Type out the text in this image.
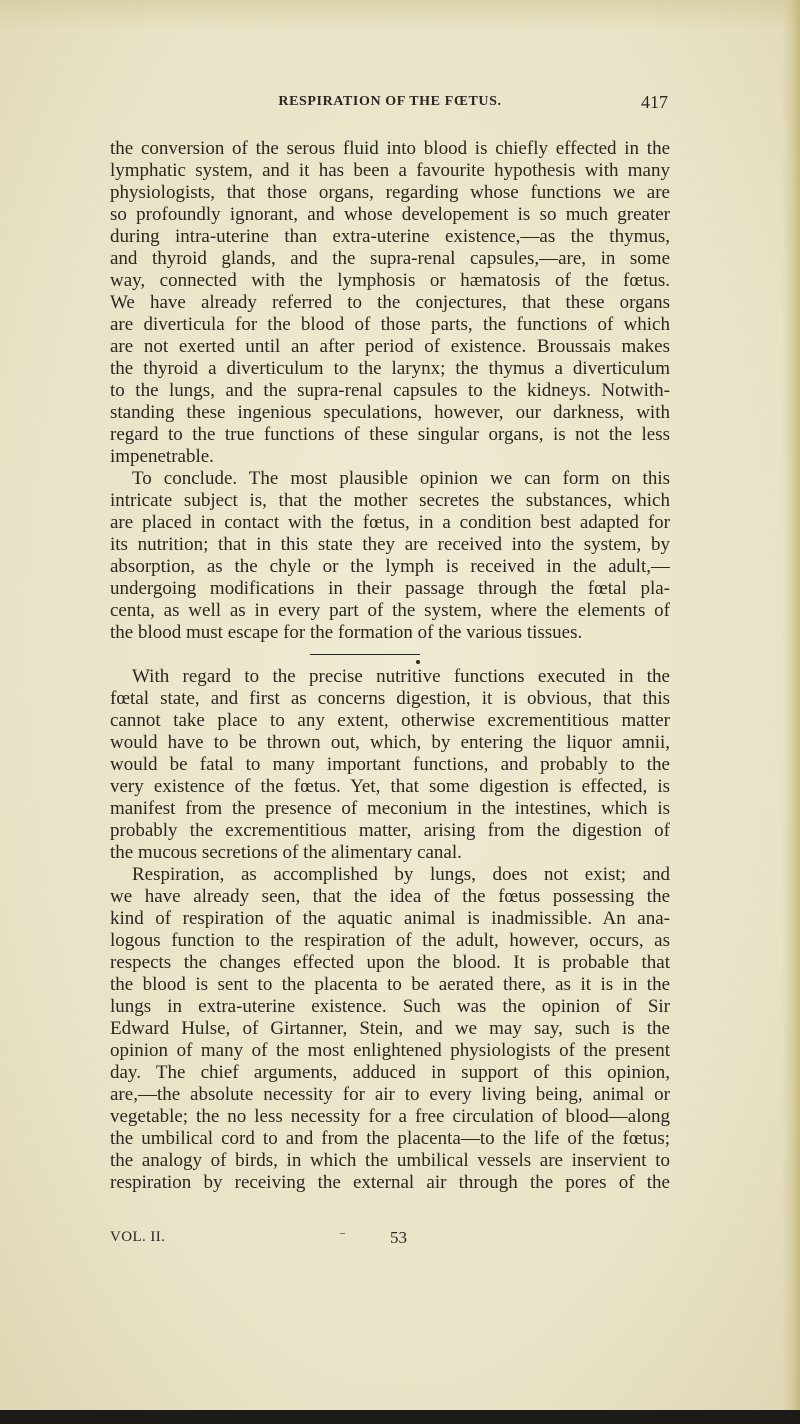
RESPIRATION OF THE FŒTUS.	417
the conversion of the serous fluid into blood is chiefly effected in the
lymphatic system, and it has been a favourite hypothesis with many
physiologists, that those organs, regarding whose functions we are
so profoundly ignorant, and whose developement is so much greater
during intra-uterine than extra-uterine existence,—as the thymus,
and thyroid glands, and the supra-renal capsules,—are, in some
way, connected with the lymphosis or hæmatosis of the fœtus.
We have already referred to the conjectures, that these organs
are diverticula for the blood of those parts, the functions of which
are not exerted until an after period of existence. Broussais makes
the thyroid a diverticulum to the larynx; the thymus a diverticulum
to the lungs, and the supra-renal capsules to the kidneys. Notwith-
standing these ingenious speculations, however, our darkness, with
regard to the true functions of these singular organs, is not the less
impenetrable.
To conclude. The most plausible opinion we can form on this
intricate subject is, that the mother secretes the substances, which
are placed in contact with the fœtus, in a condition best adapted for
its nutrition; that in this state they are received into the system, by
absorption, as the chyle or the lymph is received in the adult,—
undergoing modifications in their passage through the fœtal pla-
centa, as well as in every part of the system, where the elements of
the blood must escape for the formation of the various tissues.
With regard to the precise nutritive functions executed in the
fœtal state, and first as concerns digestion, it is obvious, that this
cannot take place to any extent, otherwise excrementitious matter
would have to be thrown out, which, by entering the liquor amnii,
would be fatal to many important functions, and probably to the
very existence of the fœtus. Yet, that some digestion is effected, is
manifest from the presence of meconium in the intestines, which is
probably the excrementitious matter, arising from the digestion of
the mucous secretions of the alimentary canal.
Respiration, as accomplished by lungs, does not exist; and
we have already seen, that the idea of the fœtus possessing the
kind of respiration of the aquatic animal is inadmissible. An ana-
logous function to the respiration of the adult, however, occurs, as
respects the changes effected upon the blood. It is probable that
the blood is sent to the placenta to be aerated there, as it is in the
lungs in extra-uterine existence. Such was the opinion of Sir
Edward Hulse, of Girtanner, Stein, and we may say, such is the
opinion of many of the most enlightened physiologists of the present
day. The chief arguments, adduced in support of this opinion,
are,—the absolute necessity for air to every living being, animal or
vegetable; the no less necessity for a free circulation of blood—along
the umbilical cord to and from the placenta—to the life of the fœtus;
the analogy of birds, in which the umbilical vessels are inservient to
respiration by receiving the external air through the pores of the
VOL. II.	53
